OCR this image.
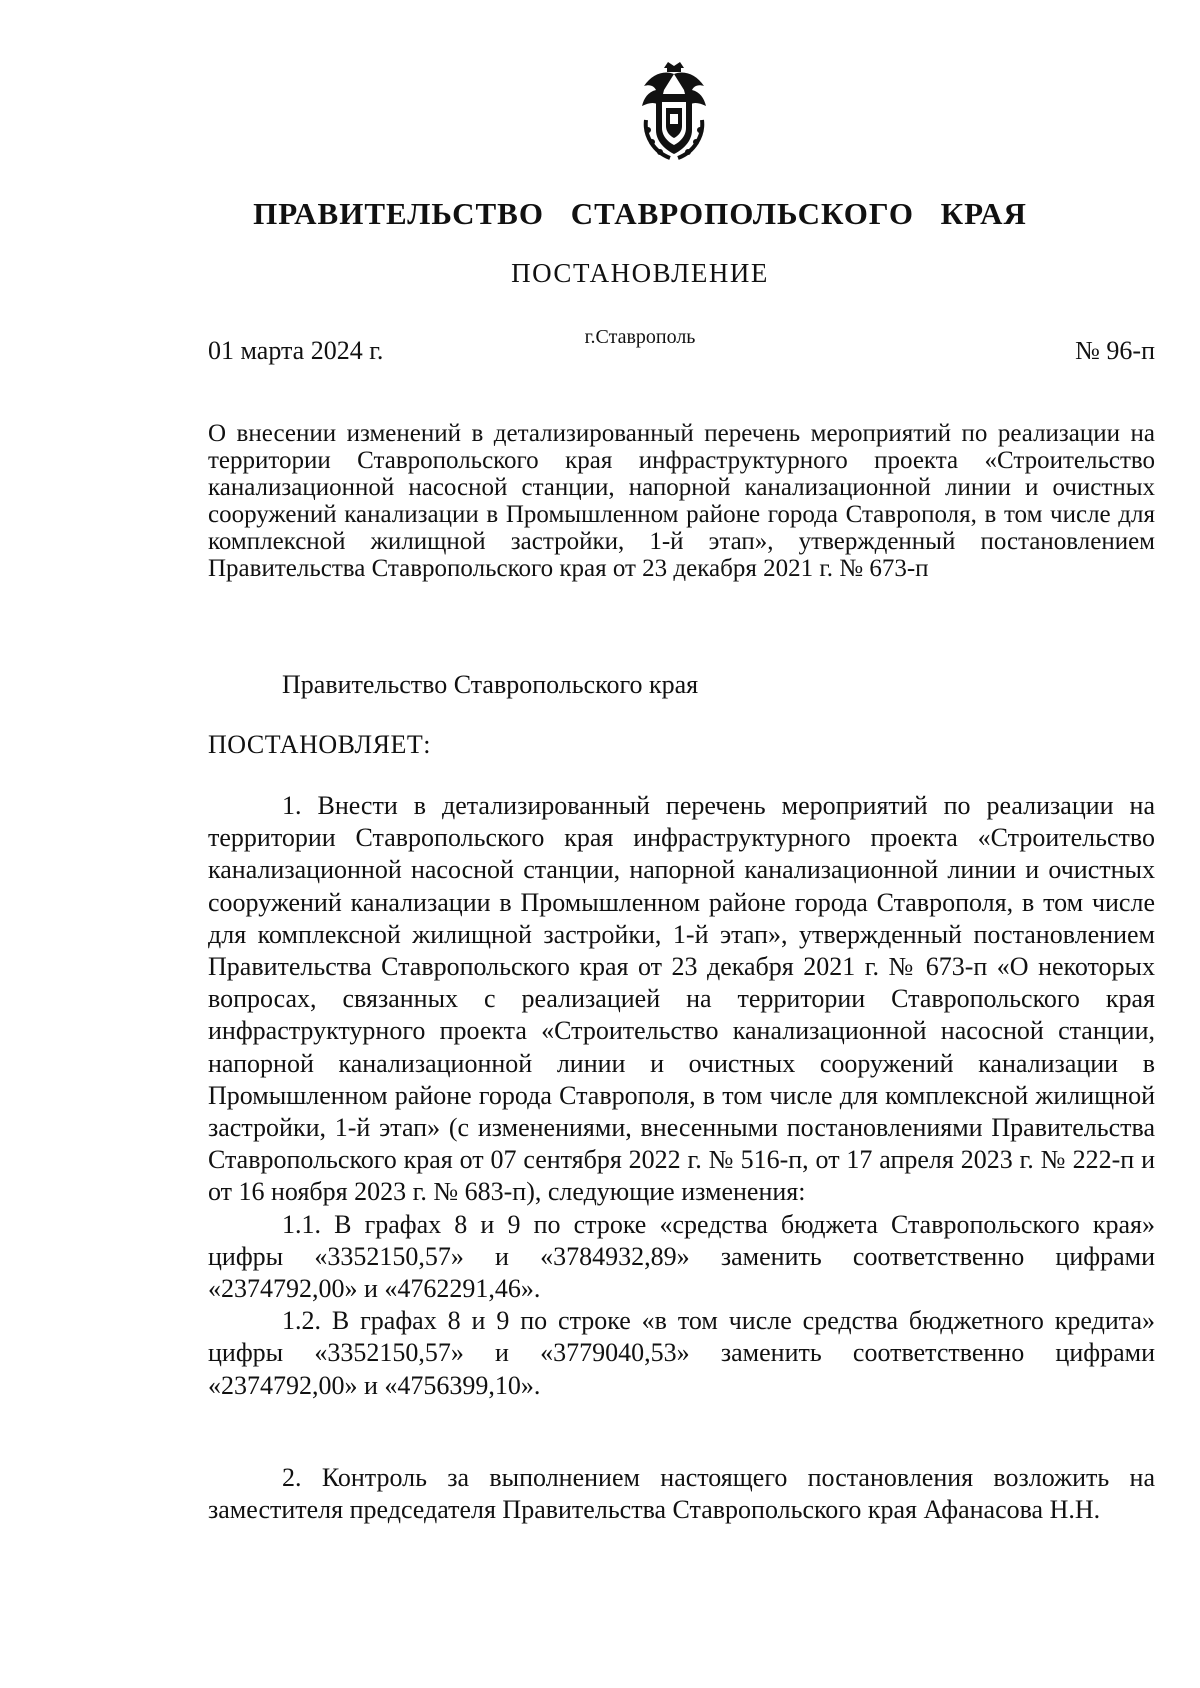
ПРАВИТЕЛЬСТВО СТАВРОПОЛЬСКОГО КРАЯ
ПОСТАНОВЛЕНИЕ
01 марта 2024 г.	г.Ставрополь	№ 96-п

О внесении изменений в детализированный перечень мероприятий по реализации на территории Ставропольского края инфраструктурного проекта «Строительство канализационной насосной станции, напорной канализационной линии и очистных сооружений канализации в Промышленном районе города Ставрополя, в том числе для комплексной жилищной застройки, 1-й этап», утвержденный постановлением Правительства Ставропольского края от 23 декабря 2021 г. № 673-п

Правительство Ставропольского края
ПОСТАНОВЛЯЕТ:

1. Внести в детализированный перечень мероприятий по реализации на территории Ставропольского края инфраструктурного проекта «Строительство канализационной насосной станции, напорной канализационной линии и очистных сооружений канализации в Промышленном районе города Ставрополя, в том числе для комплексной жилищной застройки, 1-й этап», утвержденный постановлением Правительства Ставропольского края от 23 декабря 2021 г. № 673-п «О некоторых вопросах, связанных с реализацией на территории Ставропольского края инфраструктурного проекта «Строительство канализационной насосной станции, напорной канализационной линии и очистных сооружений канализации в Промышленном районе города Ставрополя, в том числе для комплексной жилищной застройки, 1-й этап» (с изменениями, внесенными постановлениями Правительства Ставропольского края от 07 сентября 2022 г. № 516-п, от 17 апреля 2023 г. № 222-п и от 16 ноября 2023 г. № 683-п), следующие изменения:

1.1. В графах 8 и 9 по строке «средства бюджета Ставропольского края» цифры «3352150,57» и «3784932,89» заменить соответственно цифрами «2374792,00» и «4762291,46».

1.2. В графах 8 и 9 по строке «в том числе средства бюджетного кредита» цифры «3352150,57» и «3779040,53» заменить соответственно цифрами «2374792,00» и «4756399,10».

2. Контроль за выполнением настоящего постановления возложить на заместителя председателя Правительства Ставропольского края Афанасова Н.Н.
